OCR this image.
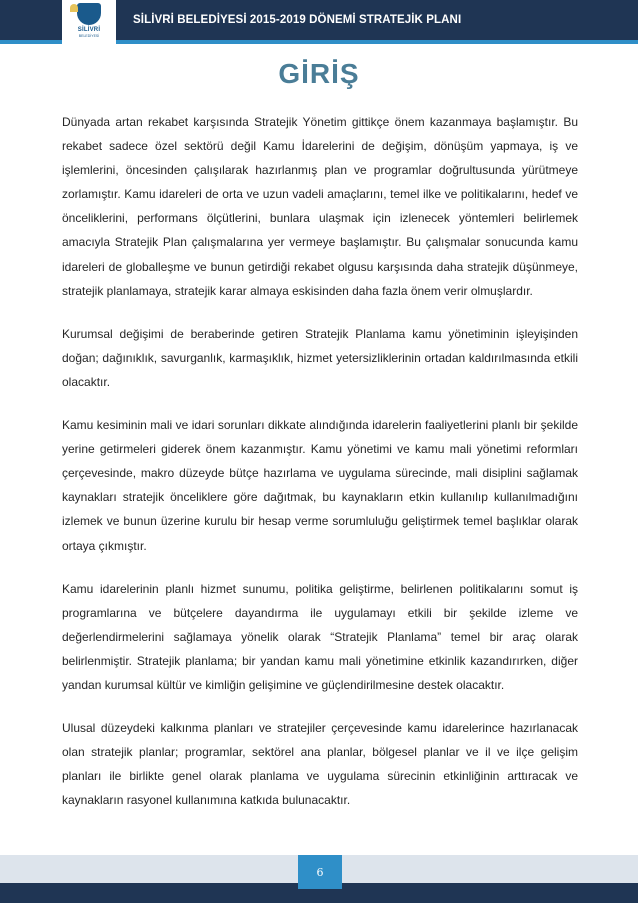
SİLİVRİ
BELEDİYESİ
SİLİVRİ BELEDİYESİ 2015-2019 DÖNEMİ STRATEJİK PLANI
GİRİŞ

Dünyada artan rekabet karşısında Stratejik Yönetim gittikçe önem kazanmaya başlamıştır. Bu rekabet sadece özel sektörü değil Kamu İdarelerini de değişim, dönüşüm yapmaya, iş ve işlemlerini, öncesinden çalışılarak hazırlanmış plan ve programlar doğrultusunda yürütmeye zorlamıştır. Kamu idareleri de orta ve uzun vadeli amaçlarını, temel ilke ve politikalarını, hedef ve önceliklerini, performans ölçütlerini, bunlara ulaşmak için izlenecek yöntemleri belirlemek amacıyla Stratejik Plan çalışmalarına yer vermeye başlamıştır. Bu çalışmalar sonucunda kamu idareleri de globalleşme ve bunun getirdiği rekabet olgusu karşısında daha stratejik düşünmeye, stratejik planlamaya, stratejik karar almaya eskisinden daha fazla önem verir olmuşlardır.

Kurumsal değişimi de beraberinde getiren Stratejik Planlama kamu yönetiminin işleyişinden doğan; dağınıklık, savurganlık, karmaşıklık, hizmet yetersizliklerinin ortadan kaldırılmasında etkili olacaktır.

Kamu kesiminin mali ve idari sorunları dikkate alındığında idarelerin faaliyetlerini planlı bir şekilde yerine getirmeleri giderek önem kazanmıştır. Kamu yönetimi ve kamu mali yönetimi reformları çerçevesinde, makro düzeyde bütçe hazırlama ve uygulama sürecinde, mali disiplini sağlamak kaynakları stratejik önceliklere göre dağıtmak, bu kaynakların etkin kullanılıp kullanılmadığını izlemek ve bunun üzerine kurulu bir hesap verme sorumluluğu geliştirmek temel başlıklar olarak ortaya çıkmıştır.

Kamu idarelerinin planlı hizmet sunumu, politika geliştirme, belirlenen politikalarını somut iş programlarına ve bütçelere dayandırma ile uygulamayı etkili bir şekilde izleme ve değerlendirmelerini sağlamaya yönelik olarak “Stratejik Planlama” temel bir araç olarak belirlenmiştir. Stratejik planlama; bir yandan kamu mali yönetimine etkinlik kazandırırken, diğer yandan kurumsal kültür ve kimliğin gelişimine ve güçlendirilmesine destek olacaktır.

Ulusal düzeydeki kalkınma planları ve stratejiler çerçevesinde kamu idarelerince hazırlanacak olan stratejik planlar; programlar, sektörel ana planlar, bölgesel planlar ve il ve ilçe gelişim planları ile birlikte genel olarak planlama ve uygulama sürecinin etkinliğinin arttıracak ve kaynakların rasyonel kullanımına katkıda bulunacaktır.

6
